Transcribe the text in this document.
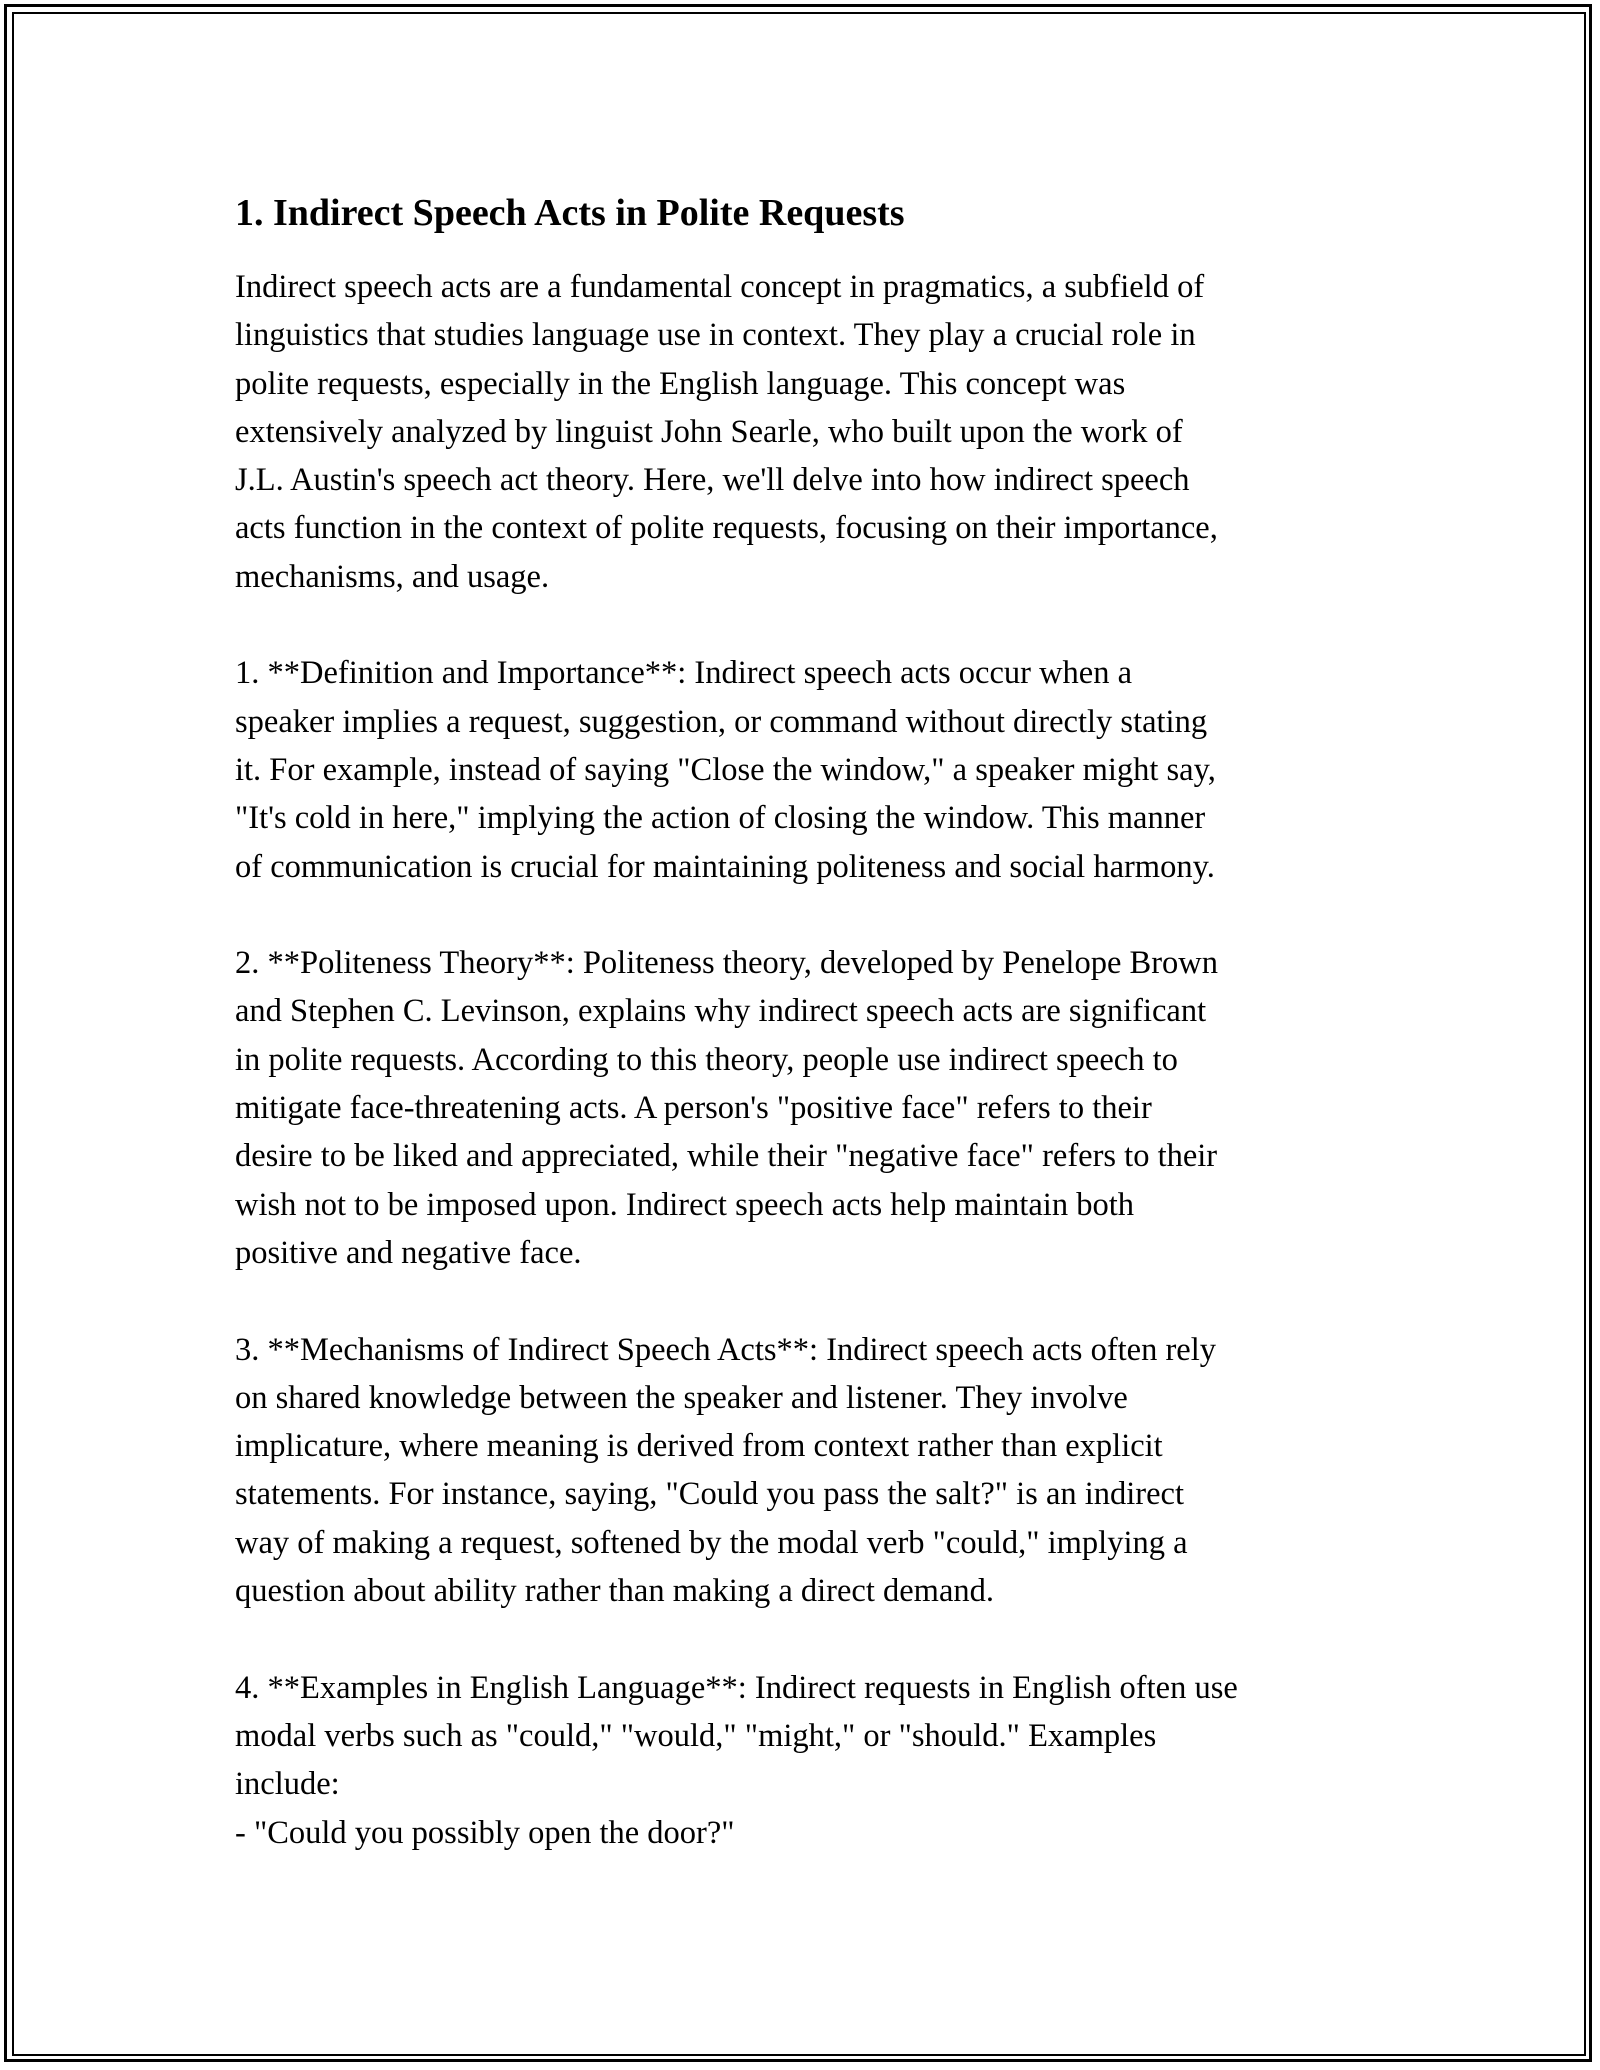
1. Indirect Speech Acts in Polite Requests

Indirect speech acts are a fundamental concept in pragmatics, a subfield of
linguistics that studies language use in context. They play a crucial role in
polite requests, especially in the English language. This concept was
extensively analyzed by linguist John Searle, who built upon the work of
J.L. Austin's speech act theory. Here, we'll delve into how indirect speech
acts function in the context of polite requests, focusing on their importance,
mechanisms, and usage.

1. **Definition and Importance**: Indirect speech acts occur when a
speaker implies a request, suggestion, or command without directly stating
it. For example, instead of saying "Close the window," a speaker might say,
"It's cold in here," implying the action of closing the window. This manner
of communication is crucial for maintaining politeness and social harmony.

2. **Politeness Theory**: Politeness theory, developed by Penelope Brown
and Stephen C. Levinson, explains why indirect speech acts are significant
in polite requests. According to this theory, people use indirect speech to
mitigate face-threatening acts. A person's "positive face" refers to their
desire to be liked and appreciated, while their "negative face" refers to their
wish not to be imposed upon. Indirect speech acts help maintain both
positive and negative face.

3. **Mechanisms of Indirect Speech Acts**: Indirect speech acts often rely
on shared knowledge between the speaker and listener. They involve
implicature, where meaning is derived from context rather than explicit
statements. For instance, saying, "Could you pass the salt?" is an indirect
way of making a request, softened by the modal verb "could," implying a
question about ability rather than making a direct demand.

4. **Examples in English Language**: Indirect requests in English often use
modal verbs such as "could," "would," "might," or "should." Examples
include:
- "Could you possibly open the door?"
